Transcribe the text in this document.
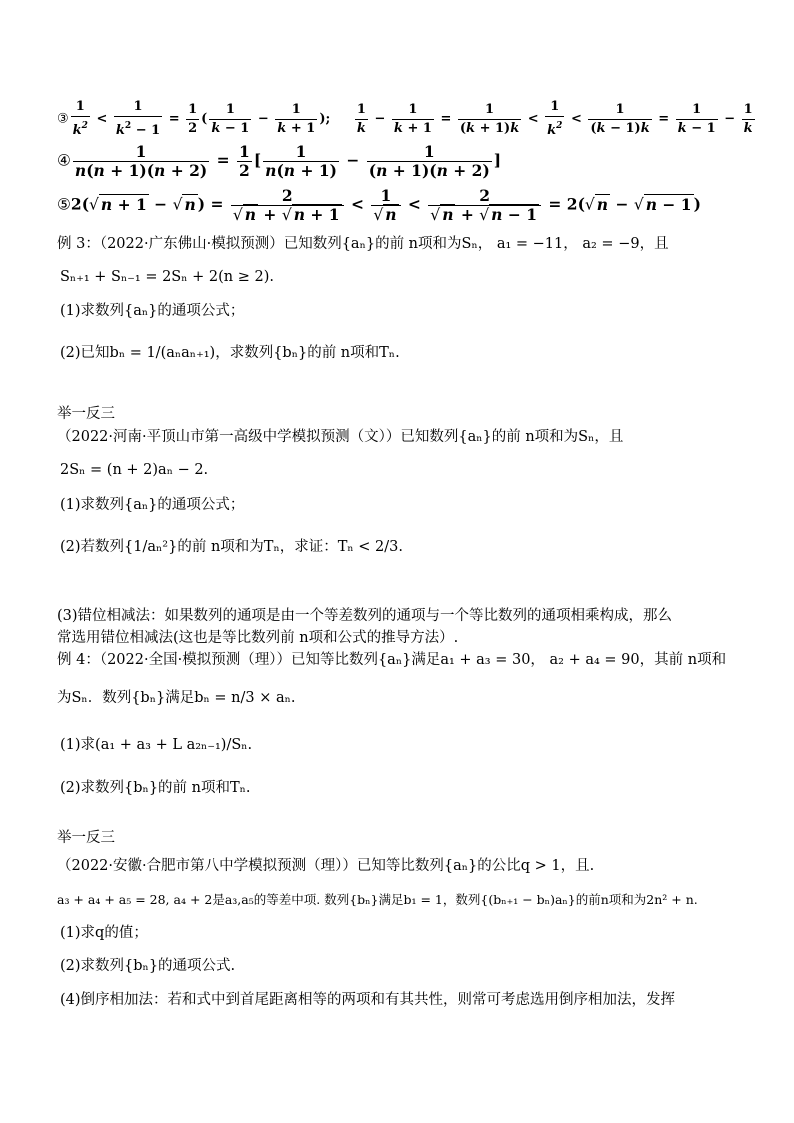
③ $\frac{1}{k^2} < \frac{1}{k^2 - 1} = \frac{1}{2}$ ( $\frac{1}{k - 1} - \frac{1}{k + 1}$ ); $\frac{1}{k} - \frac{1}{k + 1} = \frac{1}{(k + 1)k} < \frac{1}{k^2} < \frac{1}{(k - 1)k} = \frac{1}{k - 1} - \frac{1}{k}$
④ $\frac{1}{n(n + 1)(n + 2)} = \frac{1}{2}$ [ $\frac{1}{n(n + 1)} - \frac{1}{(n + 1)(n + 2)}$ ]
⑤2(√ n + 1 − √ n ) = $\frac{2}{√ n + √ n + 1} < \frac{1}{√ n} < \frac{2}{√ n + √ n - 1} = 2(√$ n − √ n − 1 )
例 3：（2022·广东佛山·模拟预测）已知数列{aₙ}的前 n项和为Sₙ， a₁ = −11， a₂ = −9，且
Sₙ₊₁ + Sₙ₋₁ = 2Sₙ + 2(n ≥ 2).
(1)求数列{aₙ}的通项公式；
(2)已知bₙ = 1/(aₙaₙ₊₁)，求数列{bₙ}的前 n项和Tₙ.
举一反三
（2022·河南·平顶山市第一高级中学模拟预测（文））已知数列{aₙ}的前 n项和为Sₙ，且
2Sₙ = (n + 2)aₙ − 2.
(1)求数列{aₙ}的通项公式；
(2)若数列{1/aₙ²}的前 n项和为Tₙ，求证：Tₙ < 2/3.
(3)错位相减法：如果数列的通项是由一个等差数列的通项与一个等比数列的通项相乘构成，那么
常选用错位相减法(这也是等比数列前 n项和公式的推导方法）.
例 4：（2022·全国·模拟预测（理））已知等比数列{aₙ}满足a₁ + a₃ = 30， a₂ + a₄ = 90，其前 n项和
为Sₙ．数列{bₙ}满足bₙ = n/3 × aₙ.
(1)求(a₁ + a₃ + L a₂ₙ₋₁)/Sₙ.
(2)求数列{bₙ}的前 n项和Tₙ.
举一反三
（2022·安徽·合肥市第八中学模拟预测（理））已知等比数列{aₙ}的公比q > 1，且.
a₃ + a₄ + a₅ = 28, a₄ + 2是a₃,a₅的等差中项. 数列{bₙ}满足b₁ = 1，数列{(bₙ₊₁ − bₙ)aₙ}的前n项和为2n² + n.
(1)求q的值；
(2)求数列{bₙ}的通项公式.
(4)倒序相加法：若和式中到首尾距离相等的两项和有其共性，则常可考虑选用倒序相加法，发挥
